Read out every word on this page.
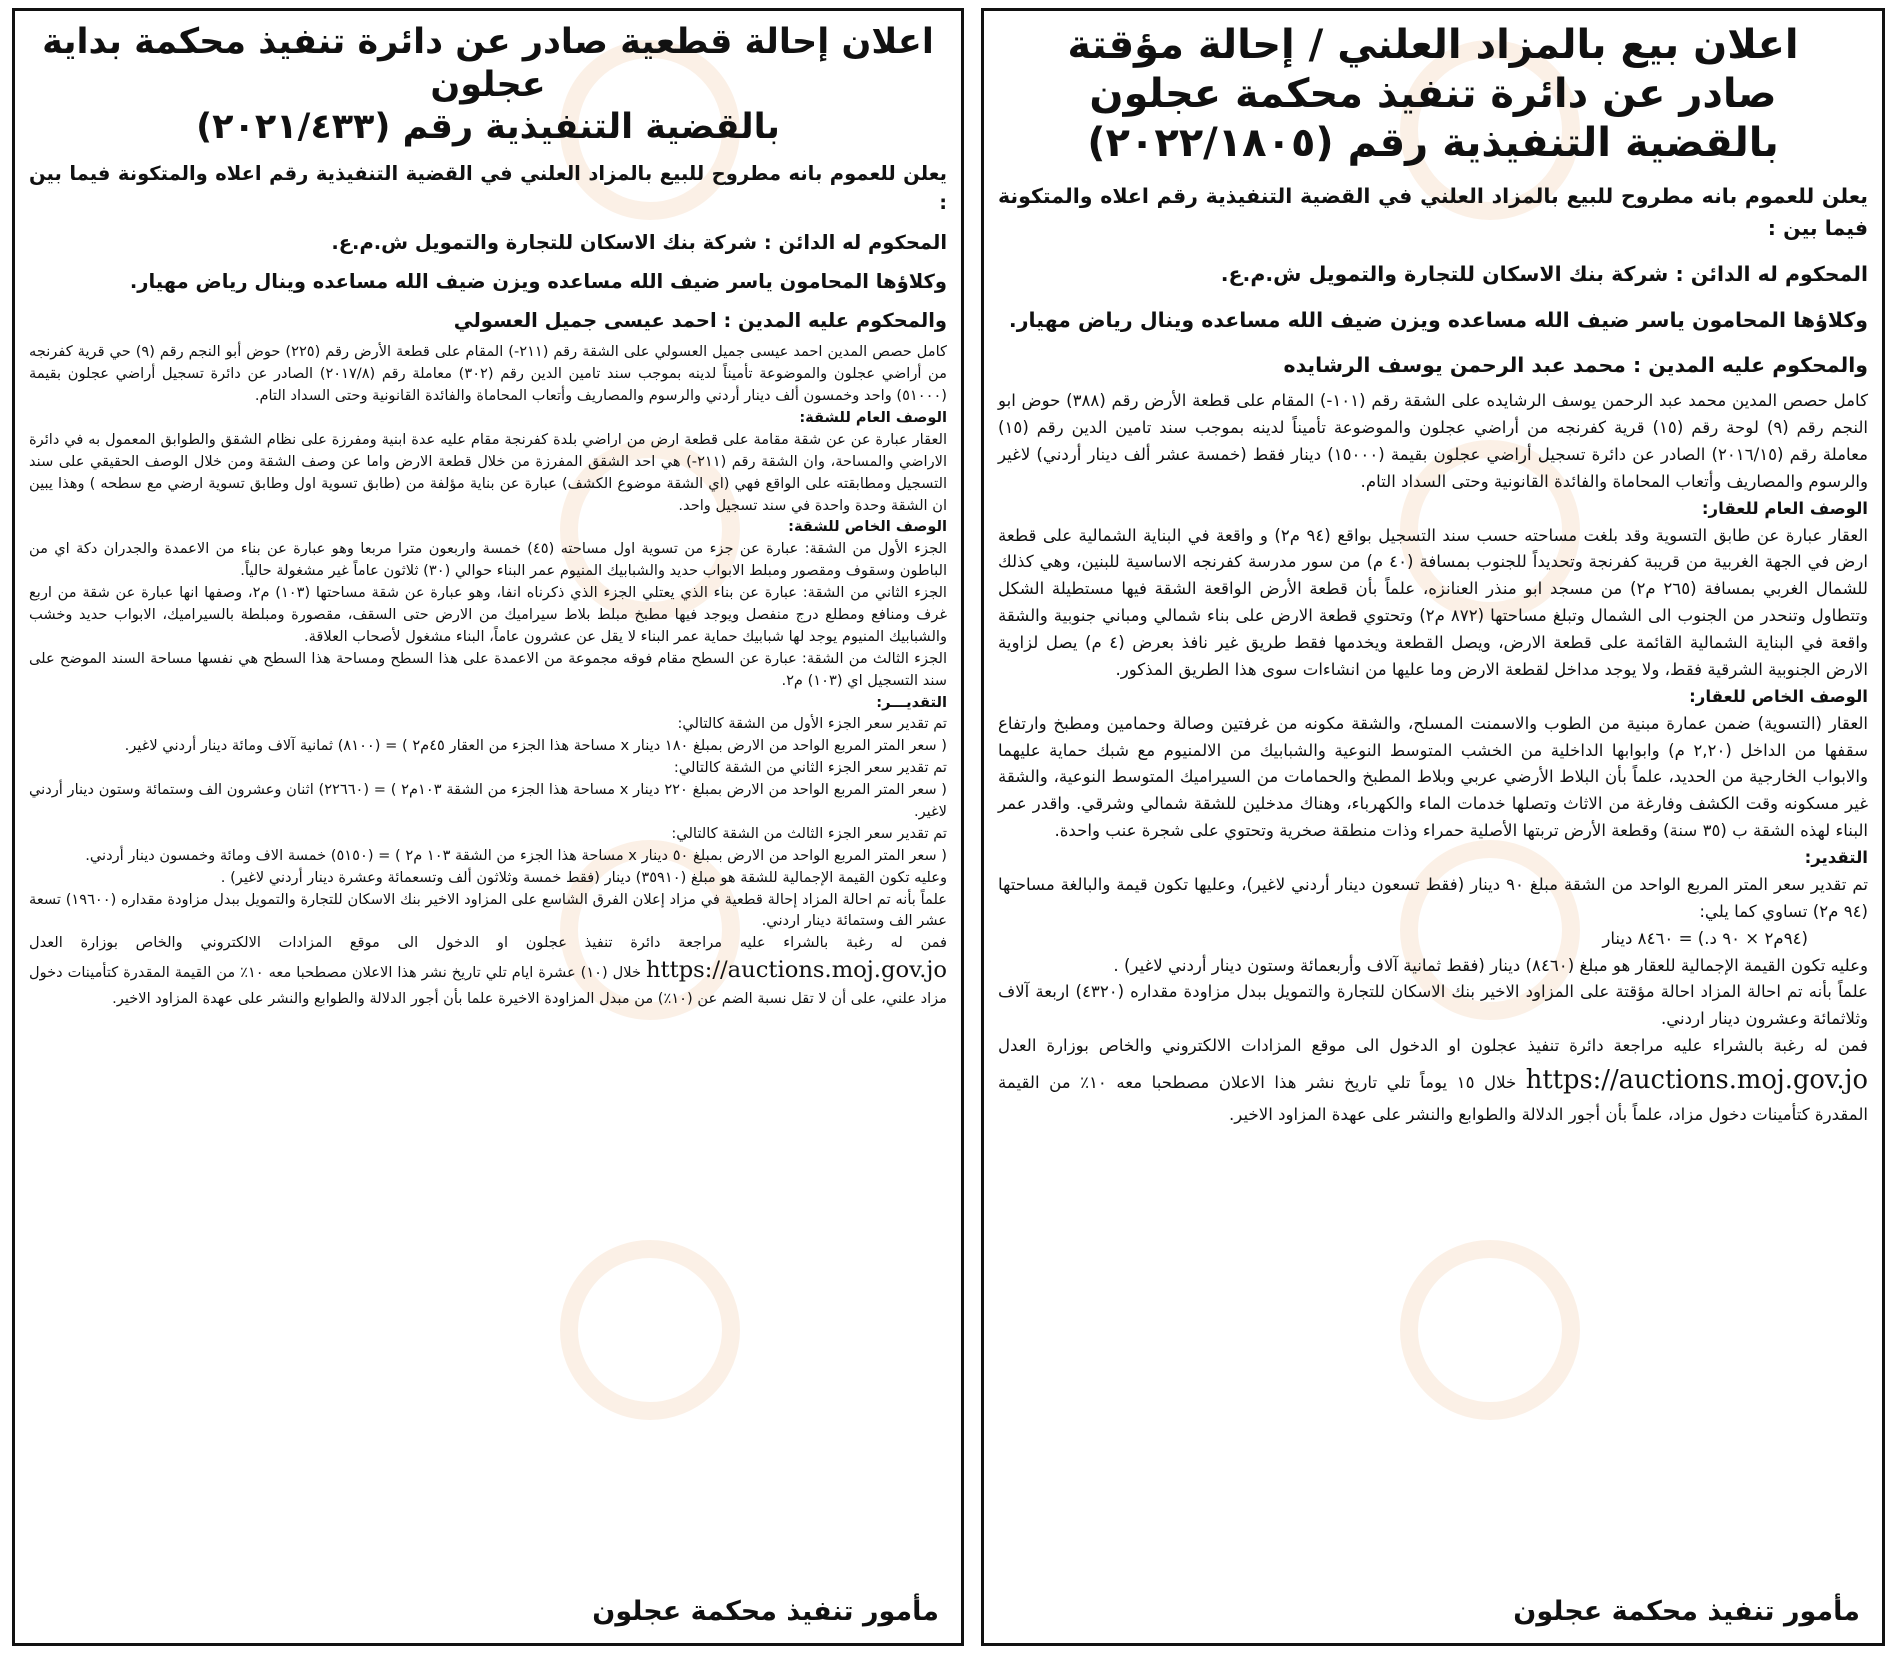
اعلان بيع بالمزاد العلني / إحالة مؤقتة

صادر عن دائرة تنفيذ محكمة عجلون

بالقضية التنفيذية رقم (٢٠٢٢/١٨٠٥)

يعلن للعموم بانه مطروح للبيع بالمزاد العلني في القضية التنفيذية رقم اعلاه والمتكونة فيما بين :

المحكوم له الدائن : شركة بنك الاسكان للتجارة والتمويل ش.م.ع.

وكلاؤها المحامون ياسر ضيف الله مساعده ويزن ضيف الله مساعده وينال رياض مهيار.

والمحكوم عليه المدين : محمد عبد الرحمن يوسف الرشايده

كامل حصص المدين محمد عبد الرحمن يوسف الرشايده على الشقة رقم (١٠١-) المقام على قطعة الأرض رقم (٣٨٨) حوض ابو النجم رقم (٩) لوحة رقم (١٥) قرية كفرنجه من أراضي عجلون والموضوعة تأميناً لدينه بموجب سند تامين الدين رقم (١٥) معاملة رقم (٢٠١٦/١٥) الصادر عن دائرة تسجيل أراضي عجلون بقيمة (١٥٠٠٠) دينار فقط (خمسة عشر ألف دينار أردني) لاغير والرسوم والمصاريف وأتعاب المحاماة والفائدة القانونية وحتى السداد التام.

الوصف العام للعقار:

العقار عبارة عن طابق التسوية وقد بلغت مساحته حسب سند التسجيل بواقع (٩٤ م٢) و واقعة في البناية الشمالية على قطعة ارض في الجهة الغربية من قريبة كفرنجة وتحديداً للجنوب بمسافة (٤٠ م) من سور مدرسة كفرنجه الاساسية للبنين، وهي كذلك للشمال الغربي بمسافة (٢٦٥ م٢) من مسجد ابو منذر العنانزه، علماً بأن قطعة الأرض الواقعة الشقة فيها مستطيلة الشكل وتتطاول وتنحدر من الجنوب الى الشمال وتبلغ مساحتها (٨٧٢ م٢) وتحتوي قطعة الارض على بناء شمالي ومباني جنوبية والشقة واقعة في البناية الشمالية القائمة على قطعة الارض، ويصل القطعة ويخدمها فقط طريق غير نافذ بعرض (٤ م) يصل لزاوية الارض الجنوبية الشرقية فقط، ولا يوجد مداخل لقطعة الارض وما عليها من انشاءات سوى هذا الطريق المذكور.

الوصف الخاص للعقار:

العقار (التسوية) ضمن عمارة مبنية من الطوب والاسمنت المسلح، والشقة مكونه من غرفتين وصالة وحمامين ومطبخ وارتفاع سقفها من الداخل (٢,٢٠ م) وابوابها الداخلية من الخشب المتوسط النوعية والشبابيك من الالمنيوم مع شبك حماية عليهما والابواب الخارجية من الحديد، علماً بأن البلاط الأرضي عربي وبلاط المطبخ والحمامات من السيراميك المتوسط النوعية، والشقة غير مسكونه وقت الكشف وفارغة من الاثاث وتصلها خدمات الماء والكهرباء، وهناك مدخلين للشقة شمالي وشرقي. واقدر عمر البناء لهذه الشقة ب (٣٥ سنة) وقطعة الأرض تربتها الأصلية حمراء وذات منطقة صخرية وتحتوي على شجرة عنب واحدة.

التقدير:

تم تقدير سعر المتر المربع الواحد من الشقة مبلغ ٩٠ دينار (فقط تسعون دينار أردني لاغير)، وعليها تكون قيمة والبالغة مساحتها (٩٤ م٢) تساوي كما يلي:

(٩٤م٢ × ٩٠ د.) = ٨٤٦٠ دينار

وعليه تكون القيمة الإجمالية للعقار هو مبلغ (٨٤٦٠) دينار (فقط ثمانية آلاف وأربعمائة وستون دينار أردني لاغير) .

علماً بأنه تم احالة المزاد احالة مؤقتة على المزاود الاخير بنك الاسكان للتجارة والتمويل ببدل مزاودة مقداره (٤٣٢٠) اربعة آلاف وثلاثمائة وعشرون دينار اردني.

فمن له رغبة بالشراء عليه مراجعة دائرة تنفيذ عجلون او الدخول الى موقع المزادات الالكتروني والخاص بوزارة العدل https://auctions.moj.gov.jo خلال ١٥ يوماً تلي تاريخ نشر هذا الاعلان مصطحبا معه ١٠٪ من القيمة المقدرة كتأمينات دخول مزاد، علماً بأن أجور الدلالة والطوابع والنشر على عهدة المزاود الاخير.

مأمور تنفيذ محكمة عجلون

اعلان إحالة قطعية صادر عن دائرة تنفيذ محكمة بداية عجلون

بالقضية التنفيذية رقم (٢٠٢١/٤٣٣)

يعلن للعموم بانه مطروح للبيع بالمزاد العلني في القضية التنفيذية رقم اعلاه والمتكونة فيما بين :

المحكوم له الدائن : شركة بنك الاسكان للتجارة والتمويل ش.م.ع.

وكلاؤها المحامون ياسر ضيف الله مساعده ويزن ضيف الله مساعده وينال رياض مهيار.

والمحكوم عليه المدين : احمد عيسى جميل العسولي

كامل حصص المدين احمد عيسى جميل العسولي على الشقة رقم (٢١١-) المقام على قطعة الأرض رقم (٢٢٥) حوض أبو النجم رقم (٩) حي قرية كفرنجه من أراضي عجلون والموضوعة تأميناً لدينه بموجب سند تامين الدين رقم (٣٠٢) معاملة رقم (٢٠١٧/٨) الصادر عن دائرة تسجيل أراضي عجلون بقيمة (٥١٠٠٠) واحد وخمسون ألف دينار أردني والرسوم والمصاريف وأتعاب المحاماة والفائدة القانونية وحتى السداد التام.

الوصف العام للشقة:

العقار عبارة عن عن شقة مقامة على قطعة ارض من اراضي بلدة كفرنجة مقام عليه عدة ابنية ومفرزة على نظام الشقق والطوابق المعمول به في دائرة الاراضي والمساحة، وان الشقة رقم (٢١١-) هي احد الشقق المفرزة من خلال قطعة الارض واما عن وصف الشقة ومن خلال الوصف الحقيقي على سند التسجيل ومطابقته على الواقع فهي (اي الشقة موضوع الكشف) عبارة عن بناية مؤلفة من (طابق تسوية اول وطابق تسوية ارضي مع سطحه ) وهذا يبين ان الشقة وحدة واحدة في سند تسجيل واحد.

الوصف الخاص للشقة:

الجزء الأول من الشقة: عبارة عن جزء من تسوية اول مساحته (٤٥) خمسة واربعون مترا مربعا وهو عبارة عن بناء من الاعمدة والجدران دكة اي من الباطون وسقوف ومقصور ومبلط الابواب حديد والشبابيك المنيوم عمر البناء حوالي (٣٠) ثلاثون عاماً غير مشغولة حالياً.

الجزء الثاني من الشقة: عبارة عن بناء الذي يعتلي الجزء الذي ذكرناه انفا، وهو عبارة عن شقة مساحتها (١٠٣) م٢، وصفها انها عبارة عن شقة من اربع غرف ومنافع ومطلع درج منفصل ويوجد فيها مطبخ مبلط بلاط سيراميك من الارض حتى السقف، مقصورة ومبلطة بالسيراميك، الابواب حديد وخشب والشبابيك المنيوم يوجد لها شبابيك حماية عمر البناء لا يقل عن عشرون عاماً، البناء مشغول لأصحاب العلاقة.

الجزء الثالث من الشقة: عبارة عن السطح مقام فوقه مجموعة من الاعمدة على هذا السطح ومساحة هذا السطح هي نفسها مساحة السند الموضح على سند التسجيل اي (١٠٣) م٢.

التقديـــر:

تم تقدير سعر الجزء الأول من الشقة كالتالي:

( سعر المتر المربع الواحد من الارض بمبلغ ١٨٠ دينار x مساحة هذا الجزء من العقار ٤٥م٢ ) = (٨١٠٠) ثمانية آلاف ومائة دينار أردني لاغير.

تم تقدير سعر الجزء الثاني من الشقة كالتالي:

( سعر المتر المربع الواحد من الارض بمبلغ ٢٢٠ دينار x مساحة هذا الجزء من الشقة ١٠٣م٢ ) = (٢٢٦٦٠) اثنان وعشرون الف وستمائة وستون دينار أردني لاغير.

تم تقدير سعر الجزء الثالث من الشقة كالتالي:

( سعر المتر المربع الواحد من الارض بمبلغ ٥٠ دينار x مساحة هذا الجزء من الشقة ١٠٣ م٢ ) = (٥١٥٠) خمسة الاف ومائة وخمسون دينار أردني.

وعليه تكون القيمة الإجمالية للشقة هو مبلغ (٣٥٩١٠) دينار (فقط خمسة وثلاثون ألف وتسعمائة وعشرة دينار أردني لاغير) .

علماً بأنه تم احالة المزاد إحالة قطعية في مزاد إعلان الفرق الشاسع على المزاود الاخير بنك الاسكان للتجارة والتمويل ببدل مزاودة مقداره (١٩٦٠٠) تسعة عشر الف وستمائة دينار اردني.

فمن له رغبة بالشراء عليه مراجعة دائرة تنفيذ عجلون او الدخول الى موقع المزادات الالكتروني والخاص بوزارة العدل https://auctions.moj.gov.jo خلال (١٠) عشرة ايام تلي تاريخ نشر هذا الاعلان مصطحبا معه ١٠٪ من القيمة المقدرة كتأمينات دخول مزاد علني، على أن لا تقل نسبة الضم عن (١٠٪) من مبدل المزاودة الاخيرة علما بأن أجور الدلالة والطوابع والنشر على عهدة المزاود الاخير.

مأمور تنفيذ محكمة عجلون
